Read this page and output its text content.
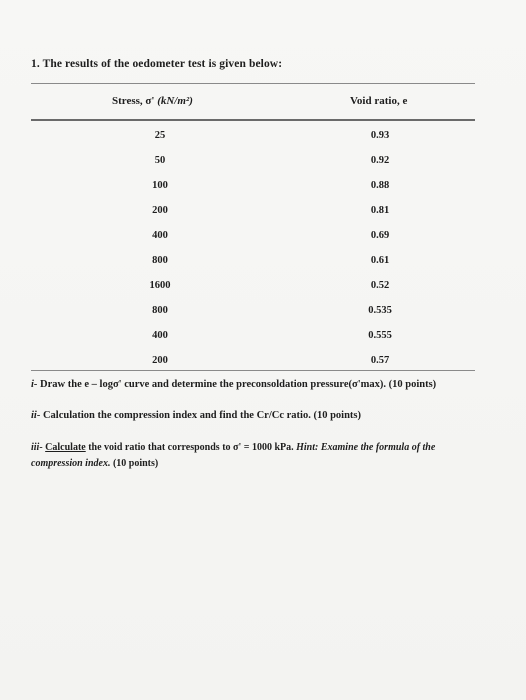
1. The results of the oedometer test is given below:
Stress, σ' (kN/m²)	Void ratio, e
25	0.93
50	0.92
100	0.88
200	0.81
400	0.69
800	0.61
1600	0.52
800	0.535
400	0.555
200	0.57
i- Draw the e – logσ' curve and determine the preconsoldation pressure(σ'max). (10 points)
ii- Calculation the compression index and find the Cr/Cc ratio. (10 points)
iii- Calculate the void ratio that corresponds to σ' = 1000 kPa. Hint: Examine the formula of the compression index. (10 points)
